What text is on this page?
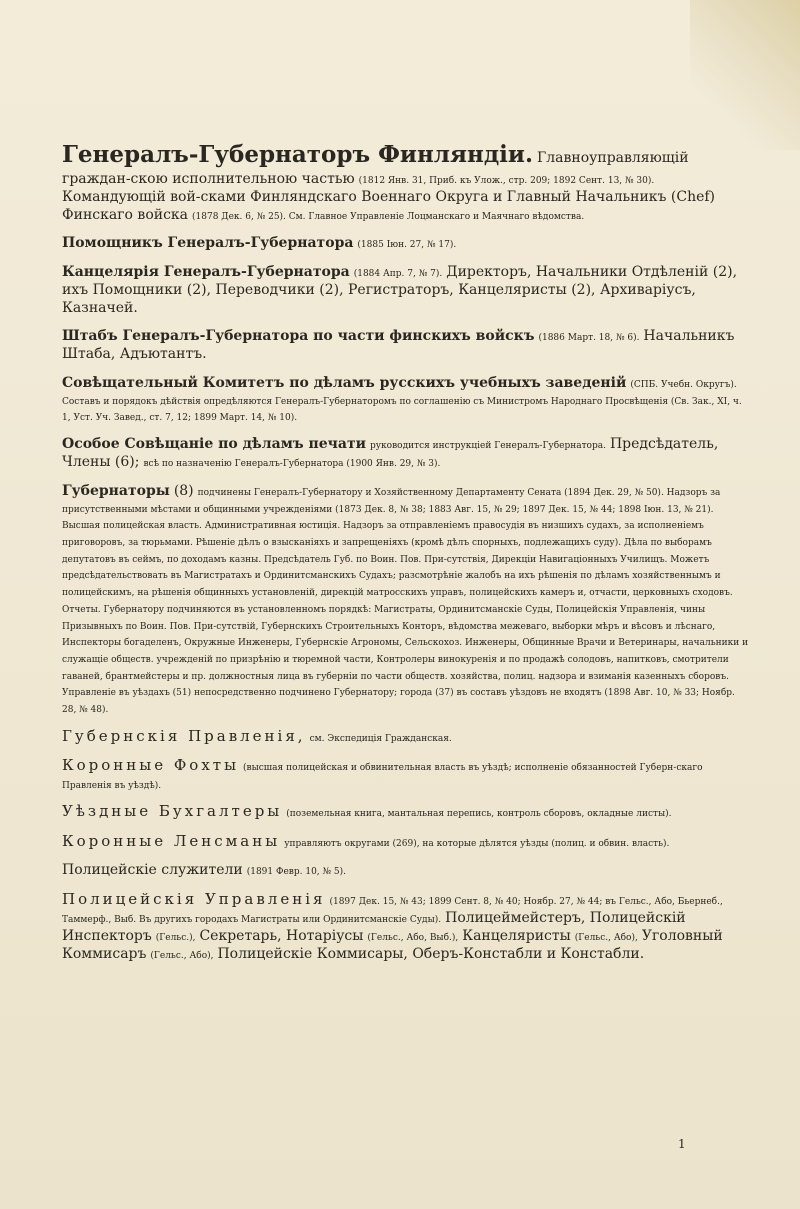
Генералъ-Губернаторъ Финляндіи. Главноуправляющій граждан-скою исполнительною частью (1812 Янв. 31, Приб. къ Улож., стр. 209; 1892 Сент. 13, № 30). Командующій вой-сками Финляндскаго Военнаго Округа и Главный Начальникъ (Chef) Финскаго войска (1878 Дек. 6, № 25). См. Главное Управленіе Лоцманскаго и Маячнаго вѣдомства.

Помощникъ Генералъ-Губернатора (1885 Іюн. 27, № 17).

Канцелярія Генералъ-Губернатора (1884 Апр. 7, № 7). Директоръ, Начальники Отдѣленій (2), ихъ Помощники (2), Переводчики (2), Регистраторъ, Канцеляристы (2), Архиваріусъ, Казначей.

Штабъ Генералъ-Губернатора по части финскихъ войскъ (1886 Март. 18, № 6). Начальникъ Штаба, Адъютантъ.

Совѣщательный Комитетъ по дѣламъ русскихъ учебныхъ заведеній (СПБ. Учебн. Округъ). Составъ и порядокъ дѣйствія опредѣляются Генералъ-Губернаторомъ по соглашенію съ Министромъ Народнаго Просвѣщенія (Св. Зак., XI, ч. 1, Уст. Уч. Завед., ст. 7, 12; 1899 Март. 14, № 10).

Особое Совѣщаніе по дѣламъ печати руководится инструкціей Генералъ-Губернатора. Предсѣдатель, Члены (6); всѣ по назначенію Генералъ-Губернатора (1900 Янв. 29, № 3).

Губернаторы (8) подчинены Генералъ-Губернатору и Хозяйственному Департаменту Сената (1894 Дек. 29, № 50). Надзоръ за присутственными мѣстами и общинными учрежденіями (1873 Дек. 8, № 38; 1883 Авг. 15, № 29; 1897 Дек. 15, № 44; 1898 Іюн. 13, № 21). Высшая полицейская власть. Административная юстиція. Надзоръ за отправленіемъ правосудія въ низшихъ судахъ, за исполненіемъ приговоровъ, за тюрьмами. Рѣшеніе дѣлъ о взысканіяхъ и запрещеніяхъ (кромѣ дѣлъ спорныхъ, подлежащихъ суду). Дѣла по выборамъ депутатовъ въ сеймъ, по доходамъ казны. Предсѣдатель Губ. по Воин. Пов. При-сутствія, Дирекціи Навигаціонныхъ Училищъ. Можетъ предсѣдательствовать въ Магистратахъ и Ординитсманскихъ Судахъ; разсмотрѣніе жалобъ на ихъ рѣшенія по дѣламъ хозяйственнымъ и полицейскимъ, на рѣшенія общинныхъ установленій, дирекцій матросскихъ управъ, полицейскихъ камеръ и, отчасти, церковныхъ сходовъ. Отчеты. Губернатору подчиняются въ установленномъ порядкѣ: Магистраты, Ординитсманскіе Суды, Полицейскія Управленія, чины Призывныхъ по Воин. Пов. При-сутствій, Губернскихъ Строительныхъ Конторъ, вѣдомства межеваго, выборки мѣръ и вѣсовъ и лѣснаго, Инспекторы богаделенъ, Окружные Инженеры, Губернскіе Агрономы, Сельскохоз. Инженеры, Общинные Врачи и Ветеринары, начальники и служащіе обществ. учрежденій по призрѣнію и тюремной части, Контролеры винокуренія и по продажѣ солодовъ, напитковъ, смотрители гаваней, брантмейстеры и пр. должностныя лица въ губерніи по части обществ. хозяйства, полиц. надзора и взиманія казенныхъ сборовъ. Управленіе въ уѣздахъ (51) непосредственно подчинено Губернатору; города (37) въ составъ уѣздовъ не входятъ (1898 Авг. 10, № 33; Ноябр. 28, № 48).

Губернскія Правленія, см. Экспедиція Гражданская.

Коронные Фохты (высшая полицейская и обвинительная власть въ уѣздѣ; исполненіе обязанностей Губерн-скаго Правленія въ уѣздѣ).

Уѣздные Бухгалтеры (поземельная книга, мантальная перепись, контроль сборовъ, окладные листы).

Коронные Ленсманы управляютъ округами (269), на которые дѣлятся уѣзды (полиц. и обвин. власть).

Полицейскіе служители (1891 Февр. 10, № 5).

Полицейскія Управленія (1897 Дек. 15, № 43; 1899 Сент. 8, № 40; Ноябр. 27, № 44; въ Гельс., Або, Бьернеб., Таммерф., Выб. Въ другихъ городахъ Магистраты или Ординитсманскіе Суды). Полицеймейстеръ, Полицейскій Инспекторъ (Гельс.), Секретарь, Нотаріусы (Гельс., Або, Выб.), Канцеляристы (Гельс., Або), Уголовный Коммисаръ (Гельс., Або), Полицейскіе Коммисары, Оберъ-Констабли и Констабли.

1
